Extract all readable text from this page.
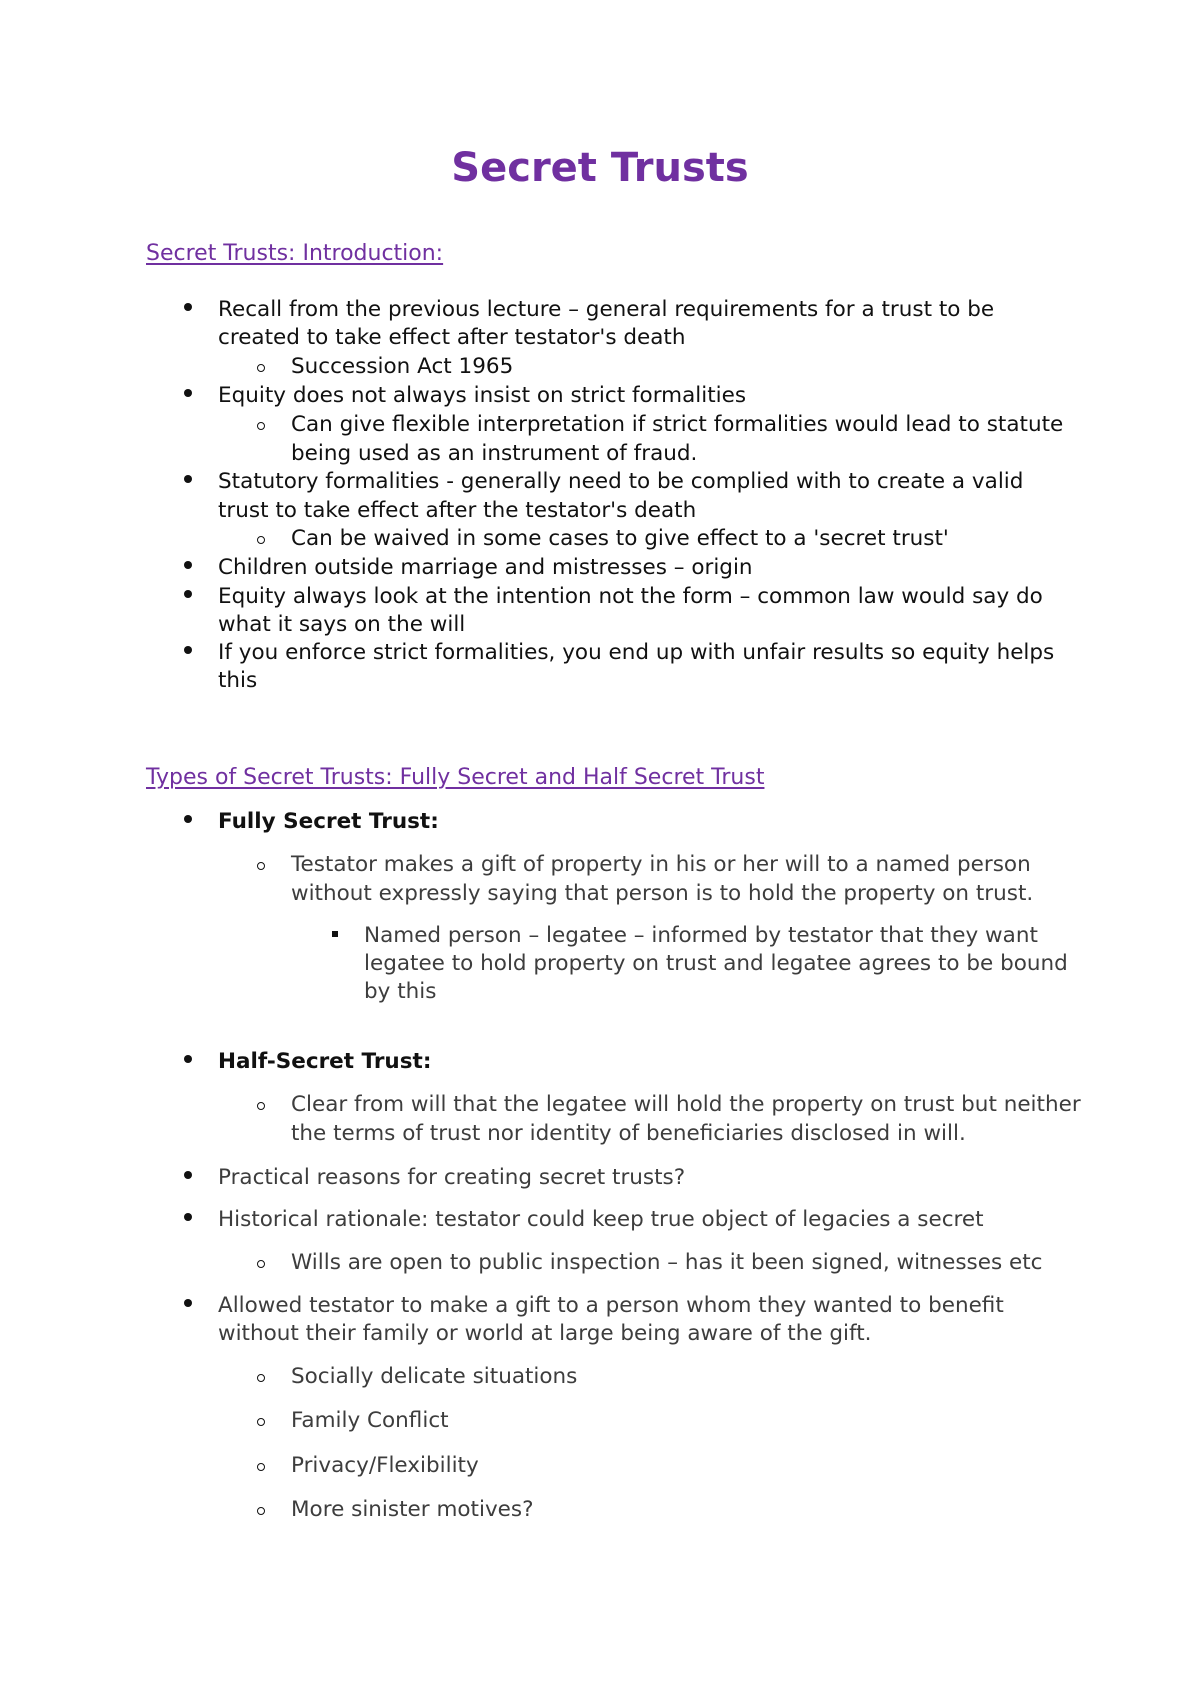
Secret Trusts
Secret Trusts: Introduction:
Recall from the previous lecture – general requirements for a trust to be
created to take effect after testator's death
Succession Act 1965
Equity does not always insist on strict formalities
Can give flexible interpretation if strict formalities would lead to statute
being used as an instrument of fraud.
Statutory formalities - generally need to be complied with to create a valid
trust to take effect after the testator's death
Can be waived in some cases to give effect to a 'secret trust'
Children outside marriage and mistresses – origin
Equity always look at the intention not the form – common law would say do
what it says on the will
If you enforce strict formalities, you end up with unfair results so equity helps
this
Types of Secret Trusts: Fully Secret and Half Secret Trust
Fully Secret Trust:
Testator makes a gift of property in his or her will to a named person
without expressly saying that person is to hold the property on trust.
Named person – legatee – informed by testator that they want
legatee to hold property on trust and legatee agrees to be bound
by this
Half-Secret Trust:
Clear from will that the legatee will hold the property on trust but neither
the terms of trust nor identity of beneficiaries disclosed in will.
Practical reasons for creating secret trusts?
Historical rationale: testator could keep true object of legacies a secret
Wills are open to public inspection – has it been signed, witnesses etc
Allowed testator to make a gift to a person whom they wanted to benefit
without their family or world at large being aware of the gift.
Socially delicate situations
Family Conflict
Privacy/Flexibility
More sinister motives?
